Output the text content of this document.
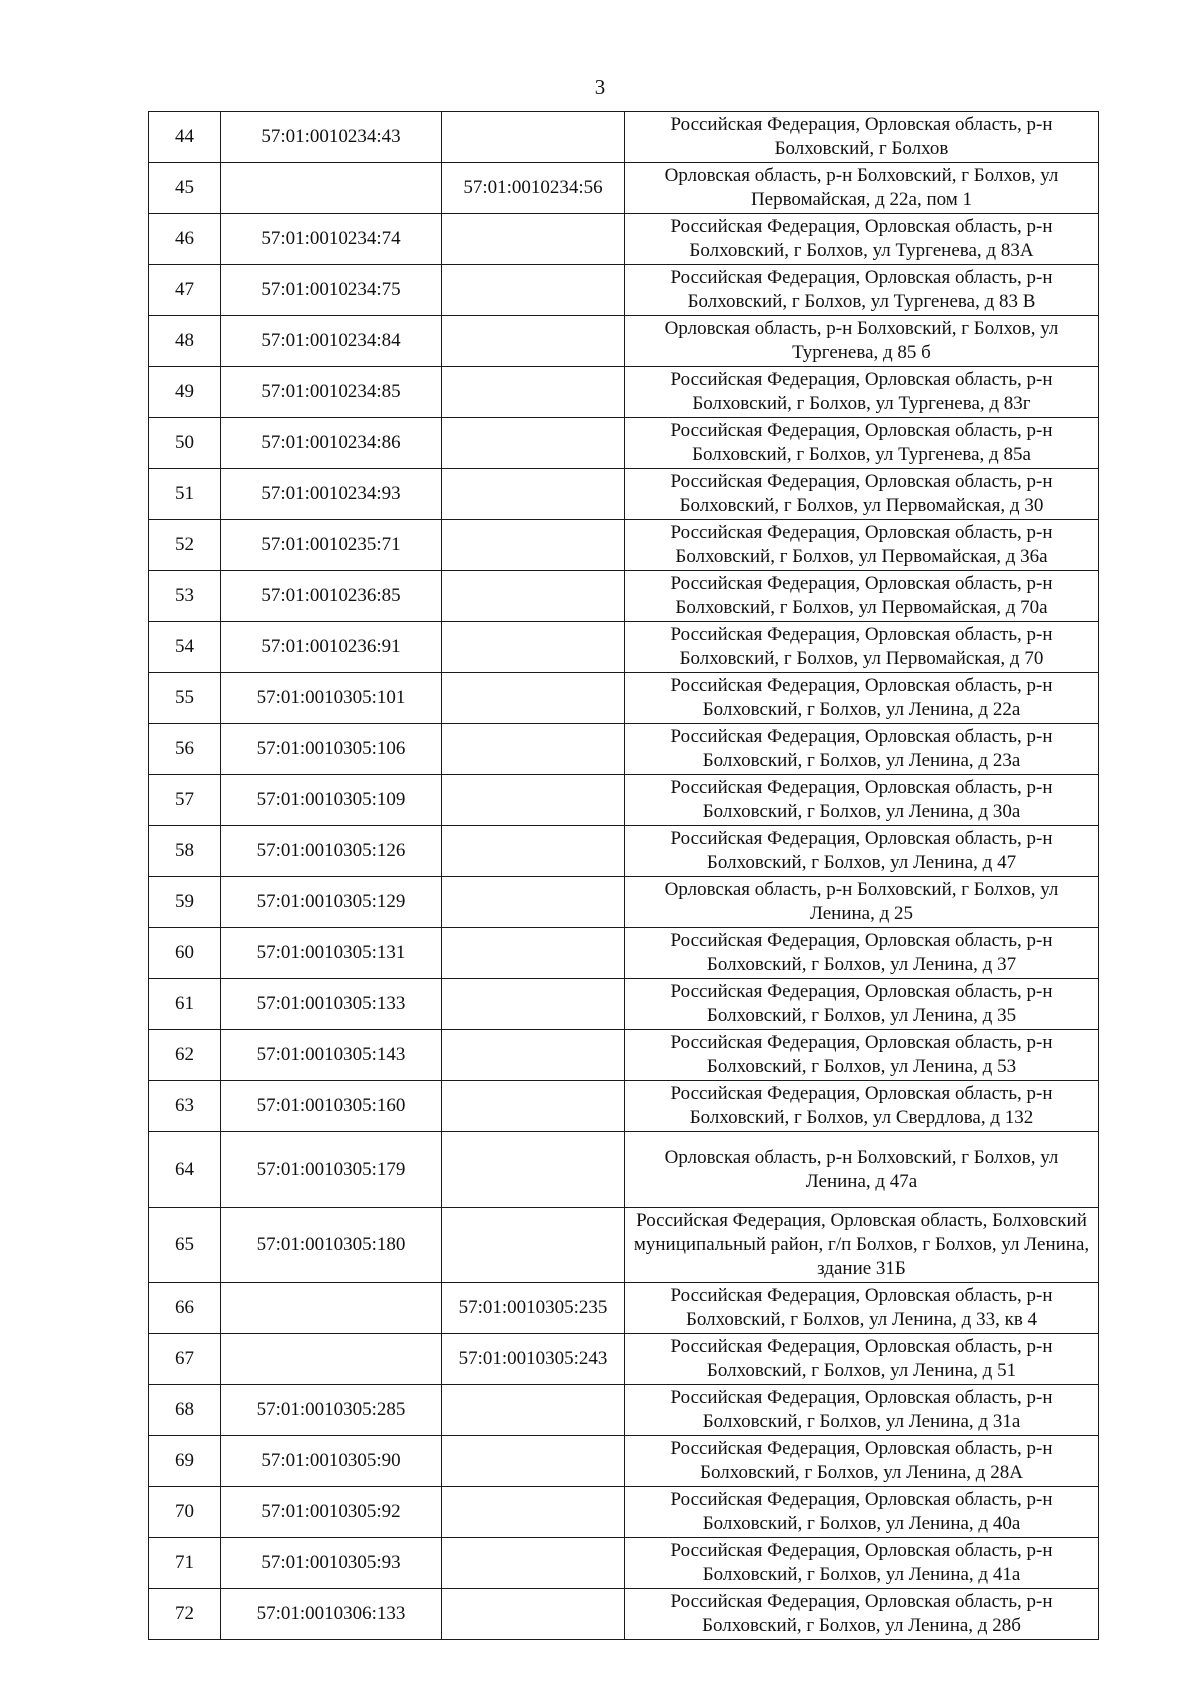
3
44	57:01:0010234:43		Российская Федерация, Орловская область, р-н Болховский, г Болхов
45		57:01:0010234:56	Орловская область, р-н Болховский, г Болхов, ул Первомайская, д 22а, пом 1
46	57:01:0010234:74		Российская Федерация, Орловская область, р-н Болховский, г Болхов, ул Тургенева, д 83А
47	57:01:0010234:75		Российская Федерация, Орловская область, р-н Болховский, г Болхов, ул Тургенева, д 83 В
48	57:01:0010234:84		Орловская область, р-н Болховский, г Болхов, ул Тургенева, д 85 б
49	57:01:0010234:85		Российская Федерация, Орловская область, р-н Болховский, г Болхов, ул Тургенева, д 83г
50	57:01:0010234:86		Российская Федерация, Орловская область, р-н Болховский, г Болхов, ул Тургенева, д 85а
51	57:01:0010234:93		Российская Федерация, Орловская область, р-н Болховский, г Болхов, ул Первомайская, д 30
52	57:01:0010235:71		Российская Федерация, Орловская область, р-н Болховский, г Болхов, ул Первомайская, д 36а
53	57:01:0010236:85		Российская Федерация, Орловская область, р-н Болховский, г Болхов, ул Первомайская, д 70а
54	57:01:0010236:91		Российская Федерация, Орловская область, р-н Болховский, г Болхов, ул Первомайская, д 70
55	57:01:0010305:101		Российская Федерация, Орловская область, р-н Болховский, г Болхов, ул Ленина, д 22а
56	57:01:0010305:106		Российская Федерация, Орловская область, р-н Болховский, г Болхов, ул Ленина, д 23а
57	57:01:0010305:109		Российская Федерация, Орловская область, р-н Болховский, г Болхов, ул Ленина, д 30а
58	57:01:0010305:126		Российская Федерация, Орловская область, р-н Болховский, г Болхов, ул Ленина, д 47
59	57:01:0010305:129		Орловская область, р-н Болховский, г Болхов, ул Ленина, д 25
60	57:01:0010305:131		Российская Федерация, Орловская область, р-н Болховский, г Болхов, ул Ленина, д 37
61	57:01:0010305:133		Российская Федерация, Орловская область, р-н Болховский, г Болхов, ул Ленина, д 35
62	57:01:0010305:143		Российская Федерация, Орловская область, р-н Болховский, г Болхов, ул Ленина, д 53
63	57:01:0010305:160		Российская Федерация, Орловская область, р-н Болховский, г Болхов, ул Свердлова, д 132
64	57:01:0010305:179		Орловская область, р-н Болховский, г Болхов, ул Ленина, д 47а
65	57:01:0010305:180		Российская Федерация, Орловская область, Болховский муниципальный район, г/п Болхов, г Болхов, ул Ленина, здание 31Б
66		57:01:0010305:235	Российская Федерация, Орловская область, р-н Болховский, г Болхов, ул Ленина, д 33, кв 4
67		57:01:0010305:243	Российская Федерация, Орловская область, р-н Болховский, г Болхов, ул Ленина, д 51
68	57:01:0010305:285		Российская Федерация, Орловская область, р-н Болховский, г Болхов, ул Ленина, д 31а
69	57:01:0010305:90		Российская Федерация, Орловская область, р-н Болховский, г Болхов, ул Ленина, д 28А
70	57:01:0010305:92		Российская Федерация, Орловская область, р-н Болховский, г Болхов, ул Ленина, д 40а
71	57:01:0010305:93		Российская Федерация, Орловская область, р-н Болховский, г Болхов, ул Ленина, д 41а
72	57:01:0010306:133		Российская Федерация, Орловская область, р-н Болховский, г Болхов, ул Ленина, д 28б
